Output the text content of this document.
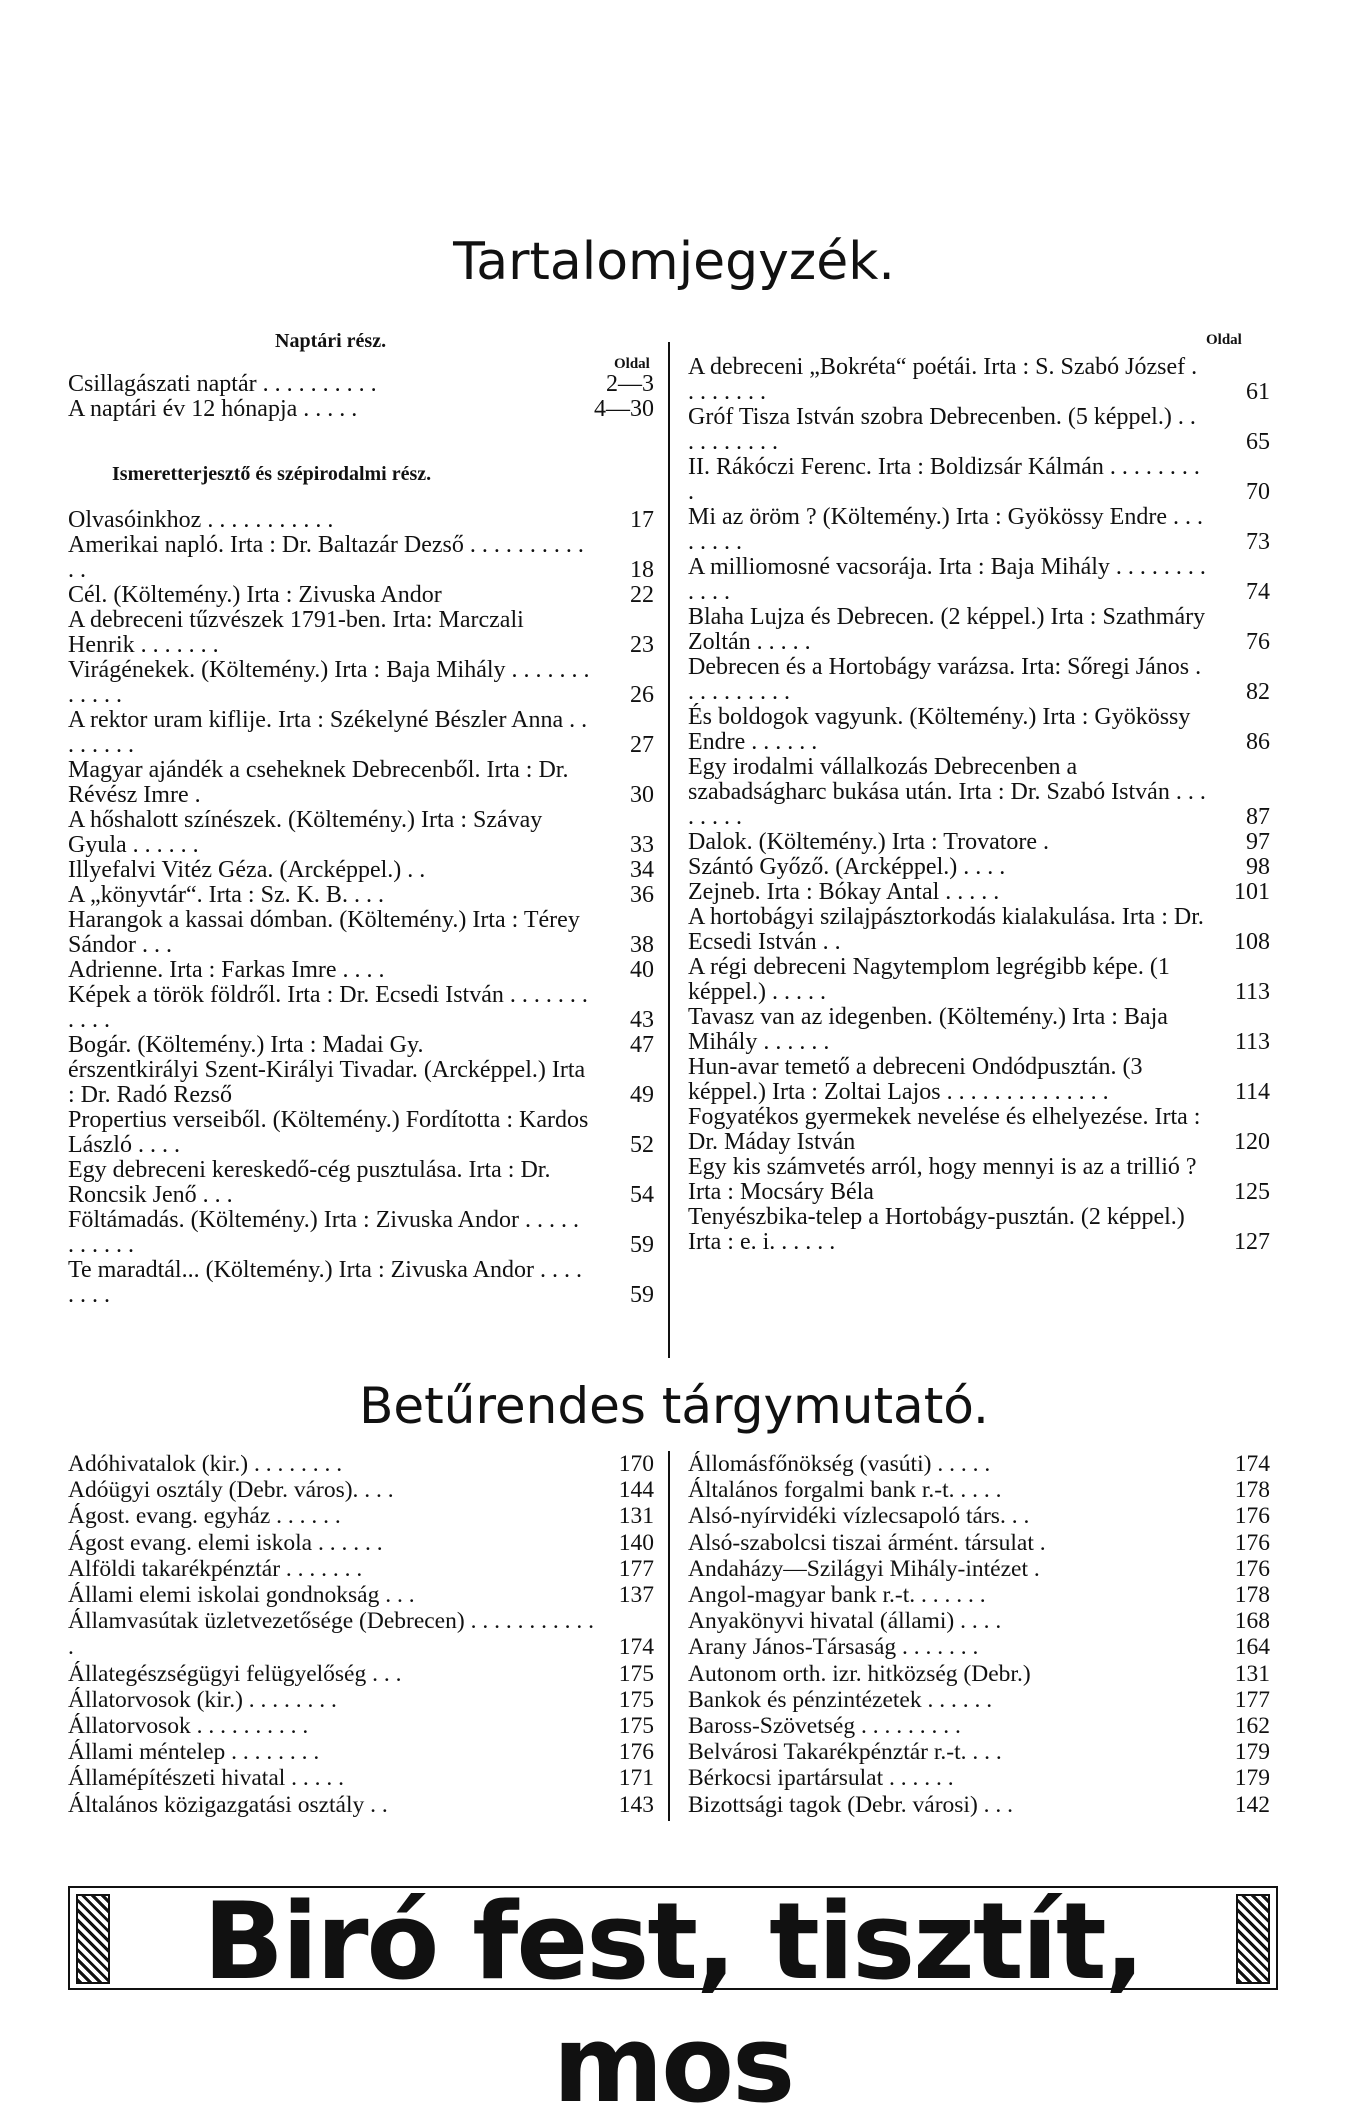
Tartalomjegyzék.
Naptári rész.
Oldal
Csillagászati naptár . . . . . . . . . .	2—3
A naptári év 12 hónapja . . . . .	4—30
Ismeretterjesztő és szépirodalmi rész.
Olvasóinkhoz . . . . . . . . . . .	17
Amerikai napló. Irta : Dr. Baltazár Dezső . . . . . . . . . . . .	18
Cél. (Költemény.) Irta : Zivuska Andor	22
A debreceni tűzvészek 1791-ben. Irta: Marczali Henrik . . . . . . .	23
Virágénekek. (Költemény.) Irta : Baja Mihály . . . . . . . . . . . .	26
A rektor uram kiflije. Irta : Székelyné Bészler Anna . . . . . . . .	27
Magyar ajándék a cseheknek Debrecenből. Irta : Dr. Révész Imre .	30
A hőshalott színészek. (Költemény.) Irta : Szávay Gyula . . . . . .	33
Illyefalvi Vitéz Géza. (Arcképpel.) . .	34
A „könyvtár“. Irta : Sz. K. B. . . .	36
Harangok a kassai dómban. (Költemény.) Irta : Térey Sándor . . .	38
Adrienne. Irta : Farkas Imre . . . .	40
Képek a török földről. Irta : Dr. Ecsedi István . . . . . . . . . . .	43
Bogár. (Költemény.) Irta : Madai Gy.	47
érszentkirályi Szent-Királyi Tivadar. (Arcképpel.) Irta : Dr. Radó Rezső	49
Propertius verseiből. (Költemény.) Fordította : Kardos László . . . .	52
Egy debreceni kereskedő-cég pusztulása. Irta : Dr. Roncsik Jenő . . .	54
Föltámadás. (Költemény.) Irta : Zivuska Andor . . . . . . . . . . .	59
Te maradtál... (Költemény.) Irta : Zivuska Andor . . . . . . . .	59
Oldal
A debreceni „Bokréta“ poétái. Irta : S. Szabó József . . . . . . . .	61
Gróf Tisza István szobra Debrecenben. (5 képpel.) . . . . . . . . . .	65
II. Rákóczi Ferenc. Irta : Boldizsár Kálmán . . . . . . . . .	70
Mi az öröm ? (Költemény.) Irta : Gyökössy Endre . . . . . . . .	73
A milliomosné vacsorája. Irta : Baja Mihály . . . . . . . . . . . .	74
Blaha Lujza és Debrecen. (2 képpel.) Irta : Szathmáry Zoltán . . . . .	76
Debrecen és a Hortobágy varázsa. Irta: Sőregi János . . . . . . . . . .	82
És boldogok vagyunk. (Költemény.) Irta : Gyökössy Endre . . . . . .	86
Egy irodalmi vállalkozás Debrecenben a szabadságharc bukása után. Irta : Dr. Szabó István . . . . . . . .	87
Dalok. (Költemény.) Irta : Trovatore .	97
Szántó Győző. (Arcképpel.) . . . .	98
Zejneb. Irta : Bókay Antal . . . . .	101
A hortobágyi szilajpásztorkodás kialakulása. Irta : Dr. Ecsedi István . .	108
A régi debreceni Nagytemplom legrégibb képe. (1 képpel.) . . . . .	113
Tavasz van az idegenben. (Költemény.) Irta : Baja Mihály . . . . . .	113
Hun-avar temető a debreceni Ondódpusztán. (3 képpel.) Irta : Zoltai Lajos . . . . . . . . . . . . . .	114
Fogyatékos gyermekek nevelése és elhelyezése. Irta : Dr. Máday István	120
Egy kis számvetés arról, hogy mennyi is az a trillió ? Irta : Mocsáry Béla	125
Tenyészbika-telep a Hortobágy-pusztán. (2 képpel.) Irta : e. i. . . . . .	127
Betűrendes tárgymutató.
Adóhivatalok (kir.) . . . . . . . .	170
Adóügyi osztály (Debr. város). . . .	144
Ágost. evang. egyház . . . . . .	131
Ágost evang. elemi iskola . . . . . .	140
Alföldi takarékpénztár . . . . . . .	177
Állami elemi iskolai gondnokság . . .	137
Államvasútak üzletvezetősége (Debrecen) . . . . . . . . . . . .	174
Állategészségügyi felügyelőség . . .	175
Állatorvosok (kir.) . . . . . . . .	175
Állatorvosok . . . . . . . . . .	175
Állami méntelep . . . . . . . .	176
Államépítészeti hivatal . . . . .	171
Általános közigazgatási osztály . .	143
Állomásfőnökség (vasúti) . . . . .	174
Általános forgalmi bank r.-t. . . . .	178
Alsó-nyírvidéki vízlecsapoló társ. . .	176
Alsó-szabolcsi tiszai ármént. társulat .	176
Andaházy—Szilágyi Mihály-intézet .	176
Angol-magyar bank r.-t. . . . . . .	178
Anyakönyvi hivatal (állami) . . . .	168
Arany János-Társaság . . . . . . .	164
Autonom orth. izr. hitközség (Debr.)	131
Bankok és pénzintézetek . . . . . .	177
Baross-Szövetség . . . . . . . . .	162
Belvárosi Takarékpénztár r.-t. . . .	179
Bérkocsi ipartársulat . . . . . .	179
Bizottsági tagok (Debr. városi) . . .	142
Biró fest, tisztít, mos
